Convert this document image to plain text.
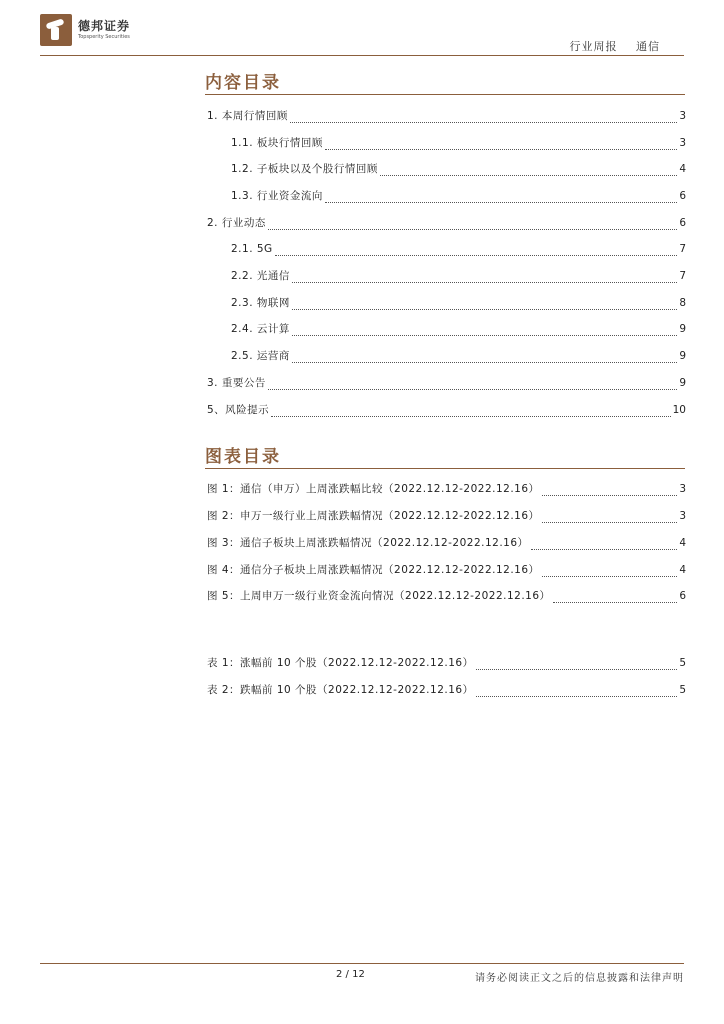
德邦证券
Topsperity Securities
行业周报 通信
内容目录
1. 本周行情回顾	3
1.1. 板块行情回顾	3
1.2. 子板块以及个股行情回顾	4
1.3. 行业资金流向	6
2. 行业动态	6
2.1. 5G	7
2.2. 光通信	7
2.3. 物联网	8
2.4. 云计算	9
2.5. 运营商	9
3. 重要公告	9
5、风险提示	10
图表目录
图 1：通信（申万）上周涨跌幅比较（2022.12.12-2022.12.16）	3
图 2：申万一级行业上周涨跌幅情况（2022.12.12-2022.12.16）	3
图 3：通信子板块上周涨跌幅情况（2022.12.12-2022.12.16）	4
图 4：通信分子板块上周涨跌幅情况（2022.12.12-2022.12.16）	4
图 5：上周申万一级行业资金流向情况（2022.12.12-2022.12.16）	6
表 1：涨幅前 10 个股（2022.12.12-2022.12.16）	5
表 2：跌幅前 10 个股（2022.12.12-2022.12.16）	5
2 / 12	请务必阅读正文之后的信息披露和法律声明
